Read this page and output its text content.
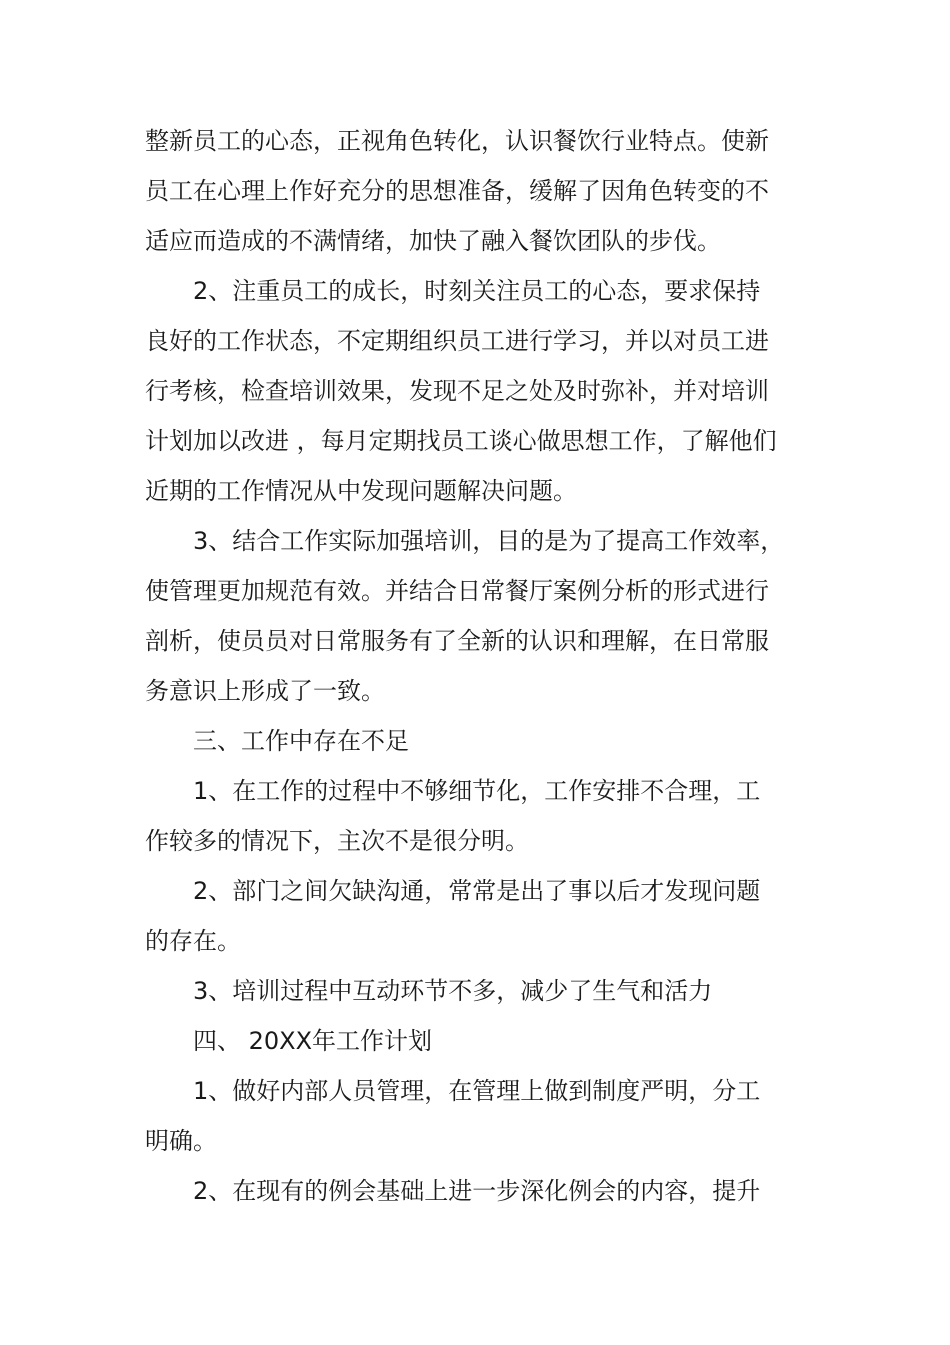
整新员工的心态，正视角色转化，认识餐饮行业特点。使新
员工在心理上作好充分的思想准备，缓解了因角色转变的不
适应而造成的不满情绪，加快了融入餐饮团队的步伐。
2、注重员工的成长，时刻关注员工的心态，要求保持
良好的工作状态，不定期组织员工进行学习，并以对员工进
行考核，检查培训效果，发现不足之处及时弥补，并对培训
计划加以改进 ，每月定期找员工谈心做思想工作，了解他们
近期的工作情况从中发现问题解决问题。
3、结合工作实际加强培训，目的是为了提高工作效率，
使管理更加规范有效。并结合日常餐厅案例分析的形式进行
剖析，使员员对日常服务有了全新的认识和理解，在日常服
务意识上形成了一致。
三、工作中存在不足
1、在工作的过程中不够细节化，工作安排不合理，工
作较多的情况下，主次不是很分明。
2、部门之间欠缺沟通，常常是出了事以后才发现问题
的存在。
3、培训过程中互动环节不多，减少了生气和活力
四、 20XX年工作计划
1、做好内部人员管理，在管理上做到制度严明，分工
明确。
2、在现有的例会基础上进一步深化例会的内容，提升
